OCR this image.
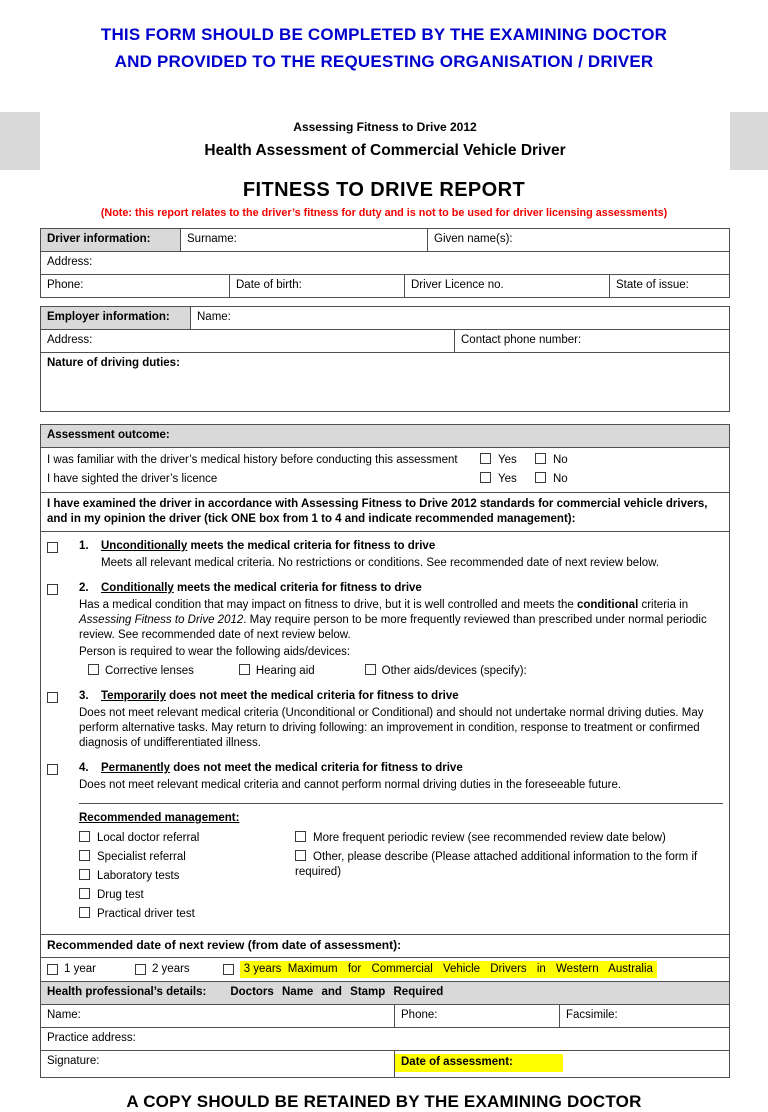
THIS FORM SHOULD BE COMPLETED BY THE EXAMINING DOCTOR
AND PROVIDED TO THE REQUESTING ORGANISATION / DRIVER
Assessing Fitness to Drive 2012
Health Assessment of Commercial Vehicle Driver
FITNESS TO DRIVE REPORT
(Note: this report relates to the driver’s fitness for duty and is not to be used for driver licensing assessments)
Driver information:	Surname:	Given name(s):
Address:
Phone:	Date of birth:	Driver Licence no.	State of issue:
Employer information:	Name:
Address:	Contact phone number:
Nature of driving duties:
Assessment outcome:
I was familiar with the driver’s medical history before conducting this assessment	Yes	No
I have sighted the driver’s licence	Yes	No
I have examined the driver in accordance with Assessing Fitness to Drive 2012 standards for commercial vehicle drivers, and in my opinion the driver (tick ONE box from 1 to 4 and indicate recommended management):
1. Unconditionally meets the medical criteria for fitness to drive
Meets all relevant medical criteria. No restrictions or conditions. See recommended date of next review below.
2. Conditionally meets the medical criteria for fitness to drive
Has a medical condition that may impact on fitness to drive, but it is well controlled and meets the conditional criteria in Assessing Fitness to Drive 2012. May require person to be more frequently reviewed than prescribed under normal periodic review. See recommended date of next review below.
Person is required to wear the following aids/devices:
Corrective lenses	Hearing aid	Other aids/devices (specify):
3. Temporarily does not meet the medical criteria for fitness to drive
Does not meet relevant medical criteria (Unconditional or Conditional) and should not undertake normal driving duties. May perform alternative tasks. May return to driving following: an improvement in condition, response to treatment or confirmed diagnosis of undifferentiated illness.
4. Permanently does not meet the medical criteria for fitness to drive
Does not meet relevant medical criteria and cannot perform normal driving duties in the foreseeable future.
Recommended management:
Local doctor referral
Specialist referral
Laboratory tests
Drug test
Practical driver test
More frequent periodic review (see recommended review date below)
Other, please describe (Please attached additional information to the form if required)
Recommended date of next review (from date of assessment):
1 year	2 years	3 years Maximum for Commercial Vehicle Drivers in Western Australia
Health professional’s details: Doctors Name and Stamp Required
Name:	Phone:	Facsimile:
Practice address:
Signature:	Date of assessment:
A COPY SHOULD BE RETAINED BY THE EXAMINING DOCTOR
